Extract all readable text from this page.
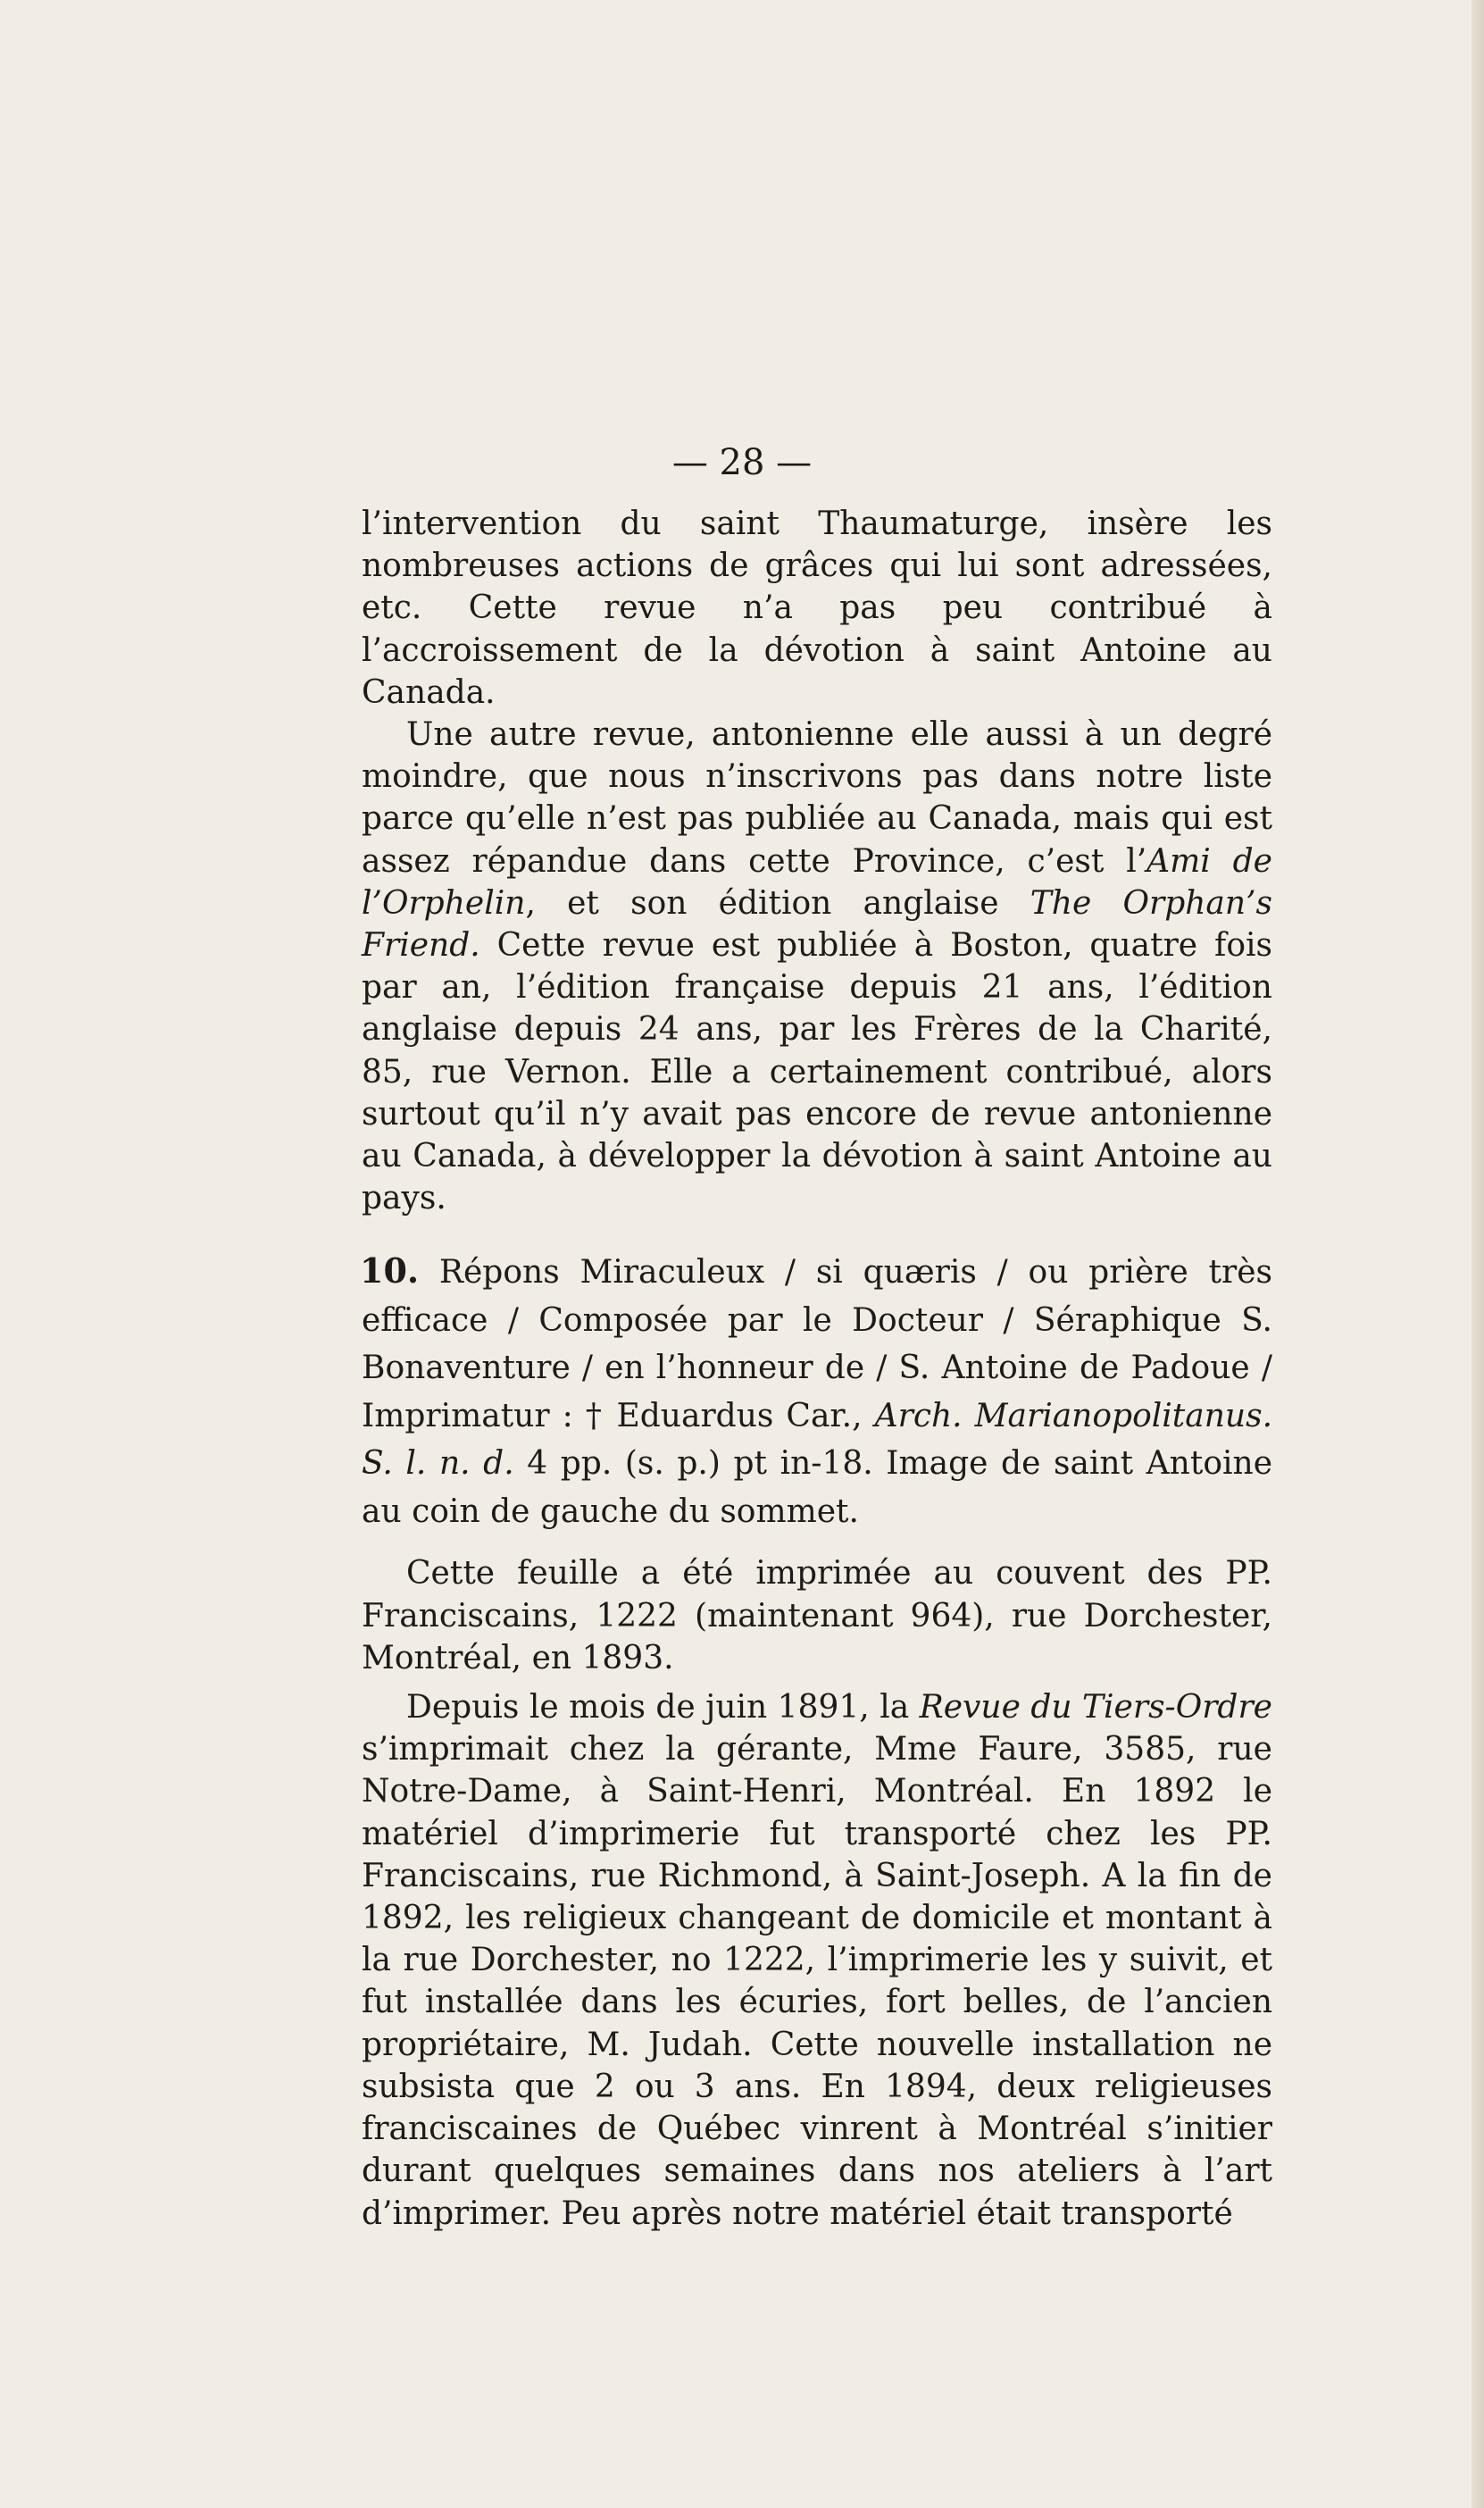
— 28 —

l’intervention du saint Thaumaturge, insère les nombreuses actions de grâces qui lui sont adressées, etc. Cette revue n’a pas peu contribué à l’accroissement de la dévotion à saint Antoine au Canada.

Une autre revue, antonienne elle aussi à un degré moindre, que nous n’inscrivons pas dans notre liste parce qu’elle n’est pas publiée au Canada, mais qui est assez répandue dans cette Province, c’est l’Ami de l’Orphelin, et son édition anglaise The Orphan’s Friend. Cette revue est publiée à Boston, quatre fois par an, l’édition française depuis 21 ans, l’édition anglaise depuis 24 ans, par les Frères de la Charité, 85, rue Vernon. Elle a certainement contribué, alors surtout qu’il n’y avait pas encore de revue antonienne au Canada, à développer la dévotion à saint Antoine au pays.

10. Répons Miraculeux / si quæris / ou prière très efficace / Composée par le Docteur / Séraphique S. Bonaventure / en l’honneur de / S. Antoine de Padoue / Imprimatur : † Eduardus Car., Arch. Marianopolitanus. S. l. n. d. 4 pp. (s. p.) pt in-18. Image de saint Antoine au coin de gauche du sommet.

Cette feuille a été imprimée au couvent des PP. Franciscains, 1222 (maintenant 964), rue Dorchester, Montréal, en 1893.

Depuis le mois de juin 1891, la Revue du Tiers-Ordre s’imprimait chez la gérante, Mme Faure, 3585, rue Notre-Dame, à Saint-Henri, Montréal. En 1892 le matériel d’imprimerie fut transporté chez les PP. Franciscains, rue Richmond, à Saint-Joseph. A la fin de 1892, les religieux changeant de domicile et montant à la rue Dorchester, no 1222, l’imprimerie les y suivit, et fut installée dans les écuries, fort belles, de l’ancien propriétaire, M. Judah. Cette nouvelle installation ne subsista que 2 ou 3 ans. En 1894, deux religieuses franciscaines de Québec vinrent à Montréal s’initier durant quelques semaines dans nos ateliers à l’art d’imprimer. Peu après notre matériel était transporté
